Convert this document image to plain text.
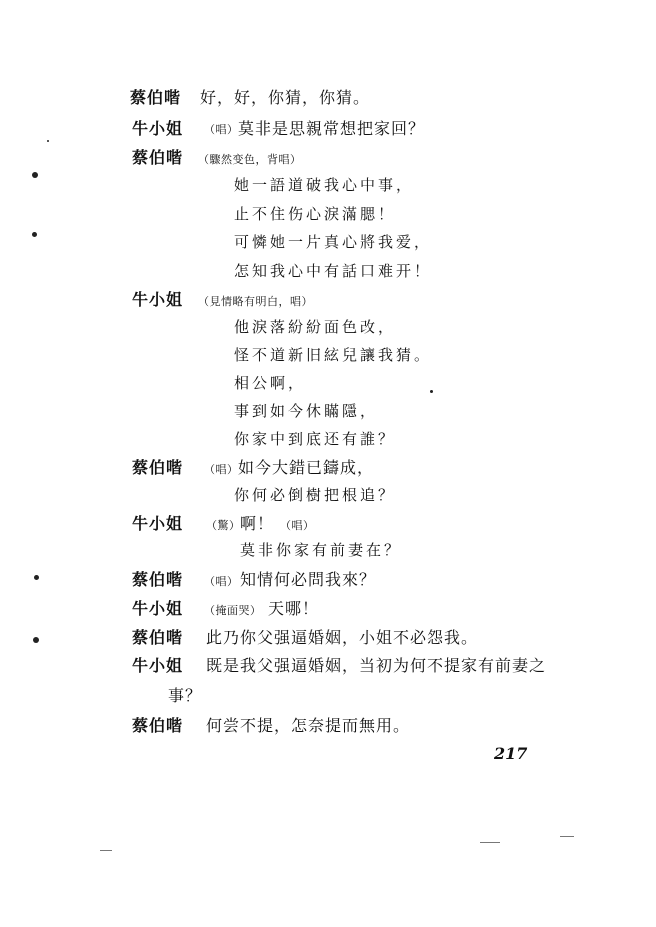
蔡伯喈 好，好，你猜，你猜。
牛小姐 （唱） 莫非是思親常想把家回？
蔡伯喈 （驟然变色，背唱）
她一語道破我心中事，
止不住伤心淚滿腮！
可憐她一片真心將我爱，
怎知我心中有話口难开！
牛小姐 （見情略有明白，唱）
他淚落紛紛面色改，
怪不道新旧絃兒讓我猜。
相公啊，
事到如今休瞞隱，
你家中到底还有誰？
蔡伯喈 （唱） 如今大錯已鑄成，
你何必倒樹把根追？
牛小姐 （驚） 啊！ （唱）
莫非你家有前妻在？
蔡伯喈 （唱） 知情何必問我來？
牛小姐 （掩面哭） 天哪！
蔡伯喈 此乃你父强逼婚姻，小姐不必怨我。
牛小姐 既是我父强逼婚姻，当初为何不提家有前妻之
事？
蔡伯喈 何尝不提，怎奈提而無用。
217
